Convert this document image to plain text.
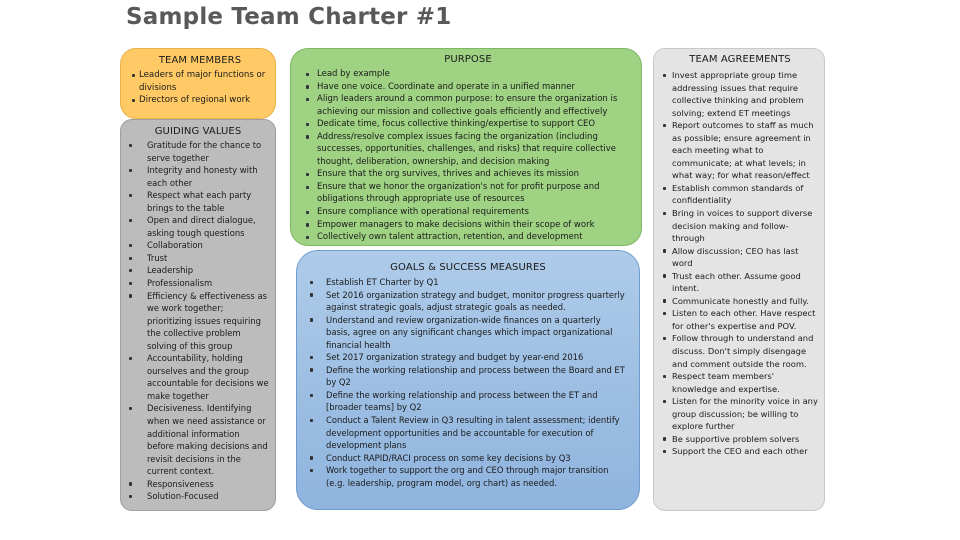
Sample Team Charter #1
TEAM MEMBERS
Leaders of major functions or divisions
Directors of regional work
GUIDING VALUES
Gratitude for the chance to serve together
Integrity and honesty with each other
Respect what each party brings to the table
Open and direct dialogue, asking tough questions
Collaboration
Trust
Leadership
Professionalism
Efficiency & effectiveness as we work together; prioritizing issues requiring the collective problem solving of this group
Accountability, holding ourselves and the group accountable for decisions we make together
Decisiveness. Identifying when we need assistance or additional information before making decisions and revisit decisions in the current context.
Responsiveness
Solution-Focused
PURPOSE
Lead by example
Have one voice. Coordinate and operate in a unified manner
Align leaders around a common purpose: to ensure the organization is achieving our mission and collective goals efficiently and effectively
Dedicate time, focus collective thinking/expertise to support CEO
Address/resolve complex issues facing the organization (including successes, opportunities, challenges, and risks) that require collective thought, deliberation, ownership, and decision making
Ensure that the org survives, thrives and achieves its mission
Ensure that we honor the organization's not for profit purpose and obligations through appropriate use of resources
Ensure compliance with operational requirements
Empower managers to make decisions within their scope of work
Collectively own talent attraction, retention, and development
GOALS & SUCCESS MEASURES
Establish ET Charter by Q1
Set 2016 organization strategy and budget, monitor progress quarterly against strategic goals, adjust strategic goals as needed.
Understand and review organization-wide finances on a quarterly basis, agree on any significant changes which impact organizational financial health
Set 2017 organization strategy and budget by year-end 2016
Define the working relationship and process between the Board and ET by Q2
Define the working relationship and process between the ET and [broader teams] by Q2
Conduct a Talent Review in Q3 resulting in talent assessment; identify development opportunities and be accountable for execution of development plans
Conduct RAPID/RACI process on some key decisions by Q3
Work together to support the org and CEO through major transition (e.g. leadership, program model, org chart) as needed.
TEAM AGREEMENTS
Invest appropriate group time addressing issues that require collective thinking and problem solving; extend ET meetings
Report outcomes to staff as much as possible; ensure agreement in each meeting what to communicate; at what levels; in what way; for what reason/effect
Establish common standards of confidentiality
Bring in voices to support diverse decision making and follow-through
Allow discussion; CEO has last word
Trust each other. Assume good intent.
Communicate honestly and fully.
Listen to each other. Have respect for other's expertise and POV.
Follow through to understand and discuss. Don't simply disengage and comment outside the room.
Respect team members' knowledge and expertise.
Listen for the minority voice in any group discussion; be willing to explore further
Be supportive problem solvers
Support the CEO and each other
